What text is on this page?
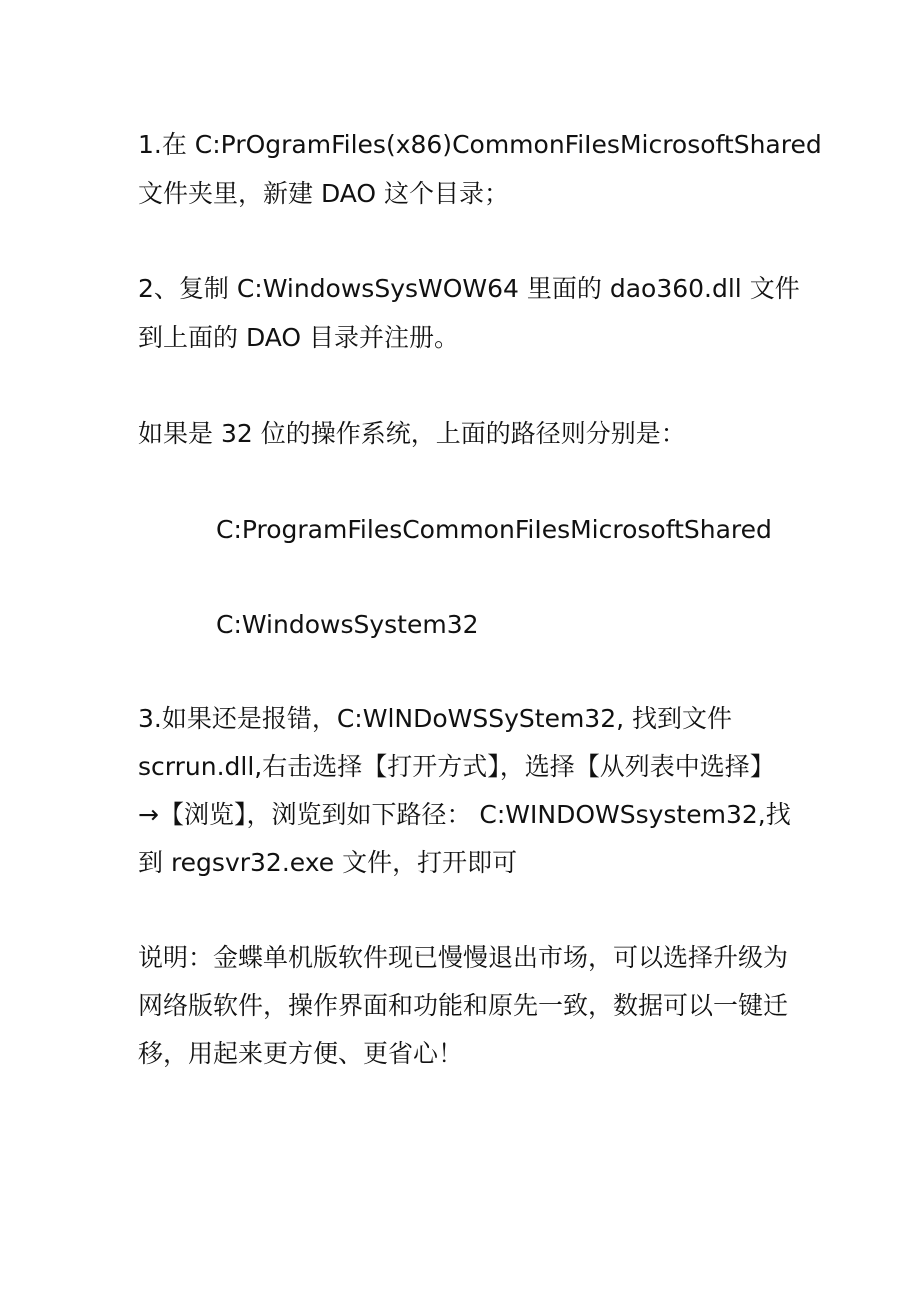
1.在 C:PrOgramFiles(x86)CommonFiIesMicrosoftShared
文件夹里，新建 DAO 这个目录；
2、复制 C:WindowsSysWOW64 里面的 dao360.dll 文件
到上面的 DAO 目录并注册。
如果是 32 位的操作系统，上面的路径则分别是：
C:ProgramFilesCommonFiIesMicrosoftShared
C:WindowsSystem32
3.如果还是报错，C:WlNDoWSSyStem32, 找到文件
scrrun.dll,右击选择【打开方式】，选择【从列表中选择】
→【浏览】，浏览到如下路径： C:WINDOWSsystem32,找
到 regsvr32.exe 文件，打开即可
说明：金蝶单机版软件现已慢慢退出市场，可以选择升级为
网络版软件，操作界面和功能和原先一致，数据可以一键迁
移，用起来更方便、更省心！
